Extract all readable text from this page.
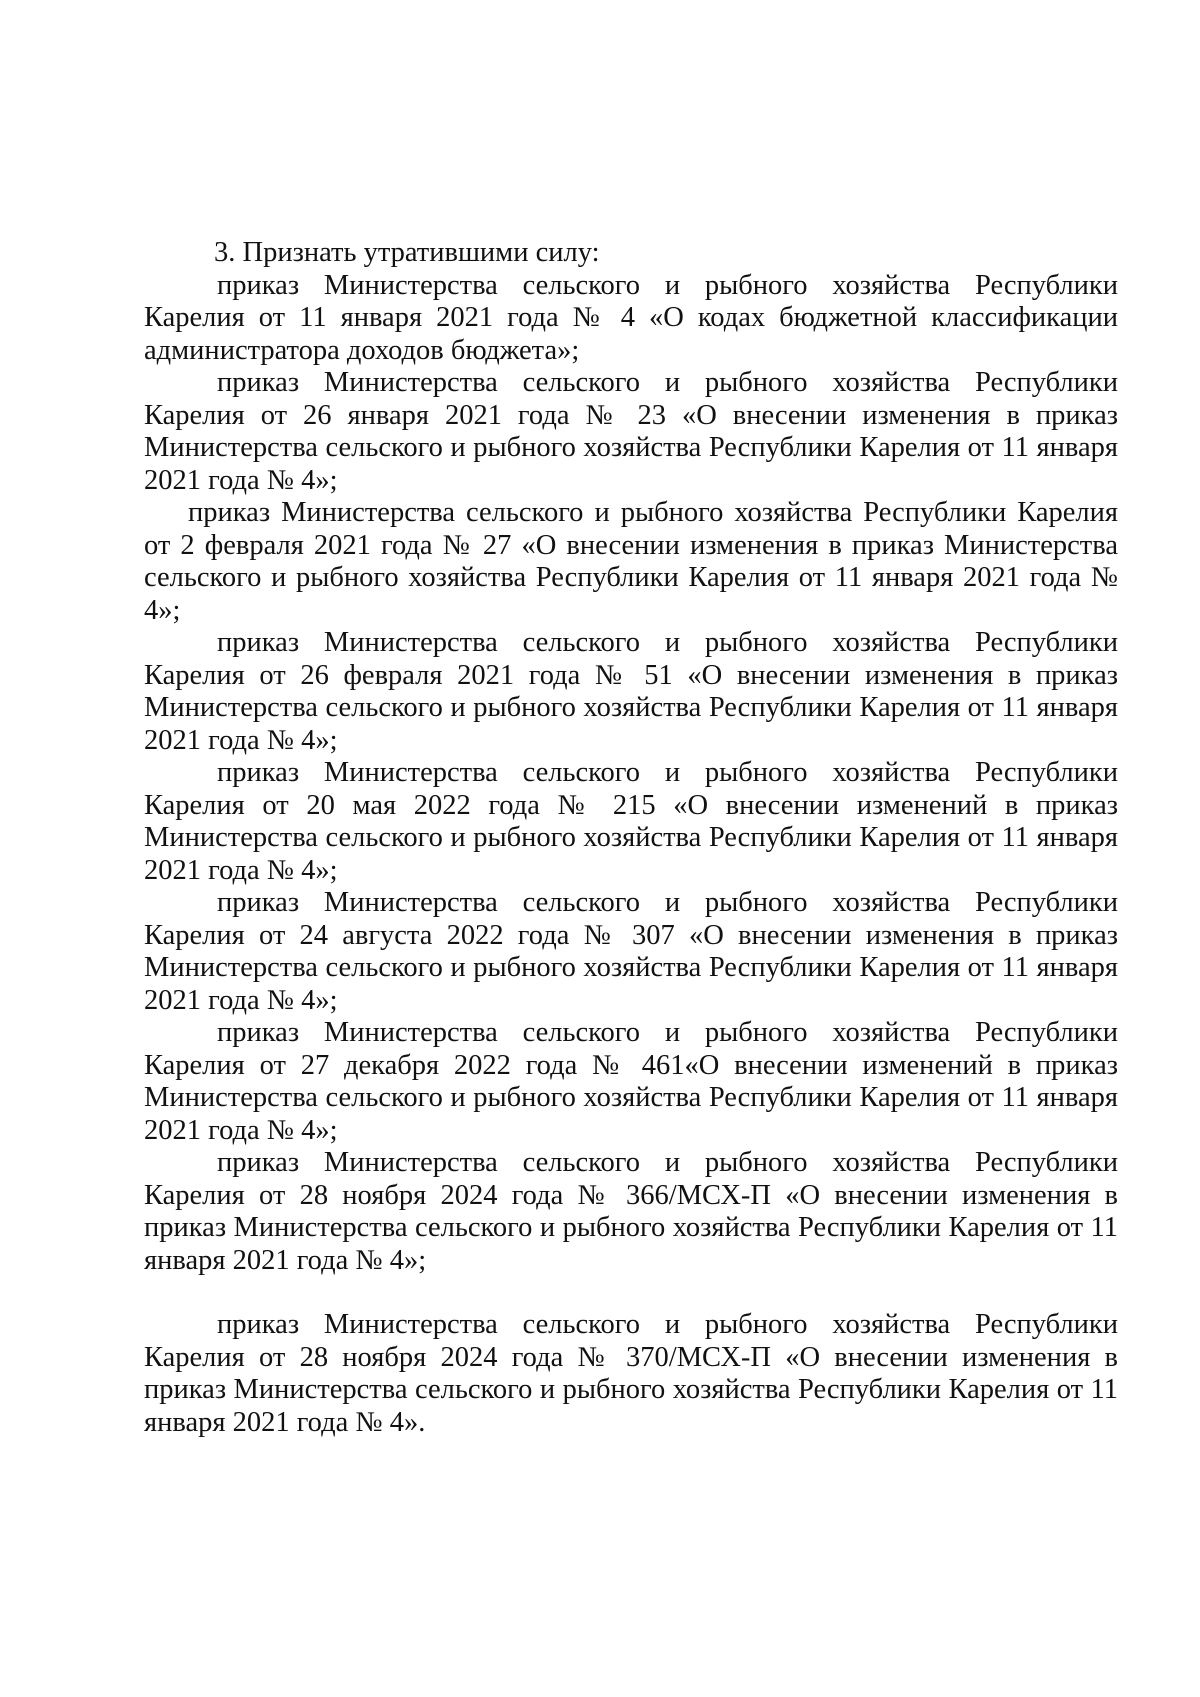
3. Признать утратившими силу:

приказ Министерства сельского и рыбного хозяйства Республики Карелия от 11 января 2021 года № 4 «О кодах бюджетной классификации администратора доходов бюджета»;

приказ Министерства сельского и рыбного хозяйства Республики Карелия от 26 января 2021 года № 23 «О внесении изменения в приказ Министерства сельского и рыбного хозяйства Республики Карелия от 11 января 2021 года № 4»;

приказ Министерства сельского и рыбного хозяйства Республики Карелия от 2 февраля 2021 года № 27 «О внесении изменения в приказ Министерства сельского и рыбного хозяйства Республики Карелия от 11 января 2021 года № 4»;

приказ Министерства сельского и рыбного хозяйства Республики Карелия от 26 февраля 2021 года № 51 «О внесении изменения в приказ Министерства сельского и рыбного хозяйства Республики Карелия от 11 января 2021 года № 4»;

приказ Министерства сельского и рыбного хозяйства Республики Карелия от 20 мая 2022 года № 215 «О внесении изменений в приказ Министерства сельского и рыбного хозяйства Республики Карелия от 11 января 2021 года № 4»;

приказ Министерства сельского и рыбного хозяйства Республики Карелия от 24 августа 2022 года № 307 «О внесении изменения в приказ Министерства сельского и рыбного хозяйства Республики Карелия от 11 января 2021 года № 4»;

приказ Министерства сельского и рыбного хозяйства Республики Карелия от 27 декабря 2022 года № 461«О внесении изменений в приказ Министерства сельского и рыбного хозяйства Республики Карелия от 11 января 2021 года № 4»;

приказ Министерства сельского и рыбного хозяйства Республики Карелия от 28 ноября 2024 года № 366/МСХ-П «О внесении изменения в приказ Министерства сельского и рыбного хозяйства Республики Карелия от 11 января 2021 года № 4»;

приказ Министерства сельского и рыбного хозяйства Республики Карелия от 28 ноября 2024 года № 370/МСХ-П «О внесении изменения в приказ Министерства сельского и рыбного хозяйства Республики Карелия от 11 января 2021 года № 4».
